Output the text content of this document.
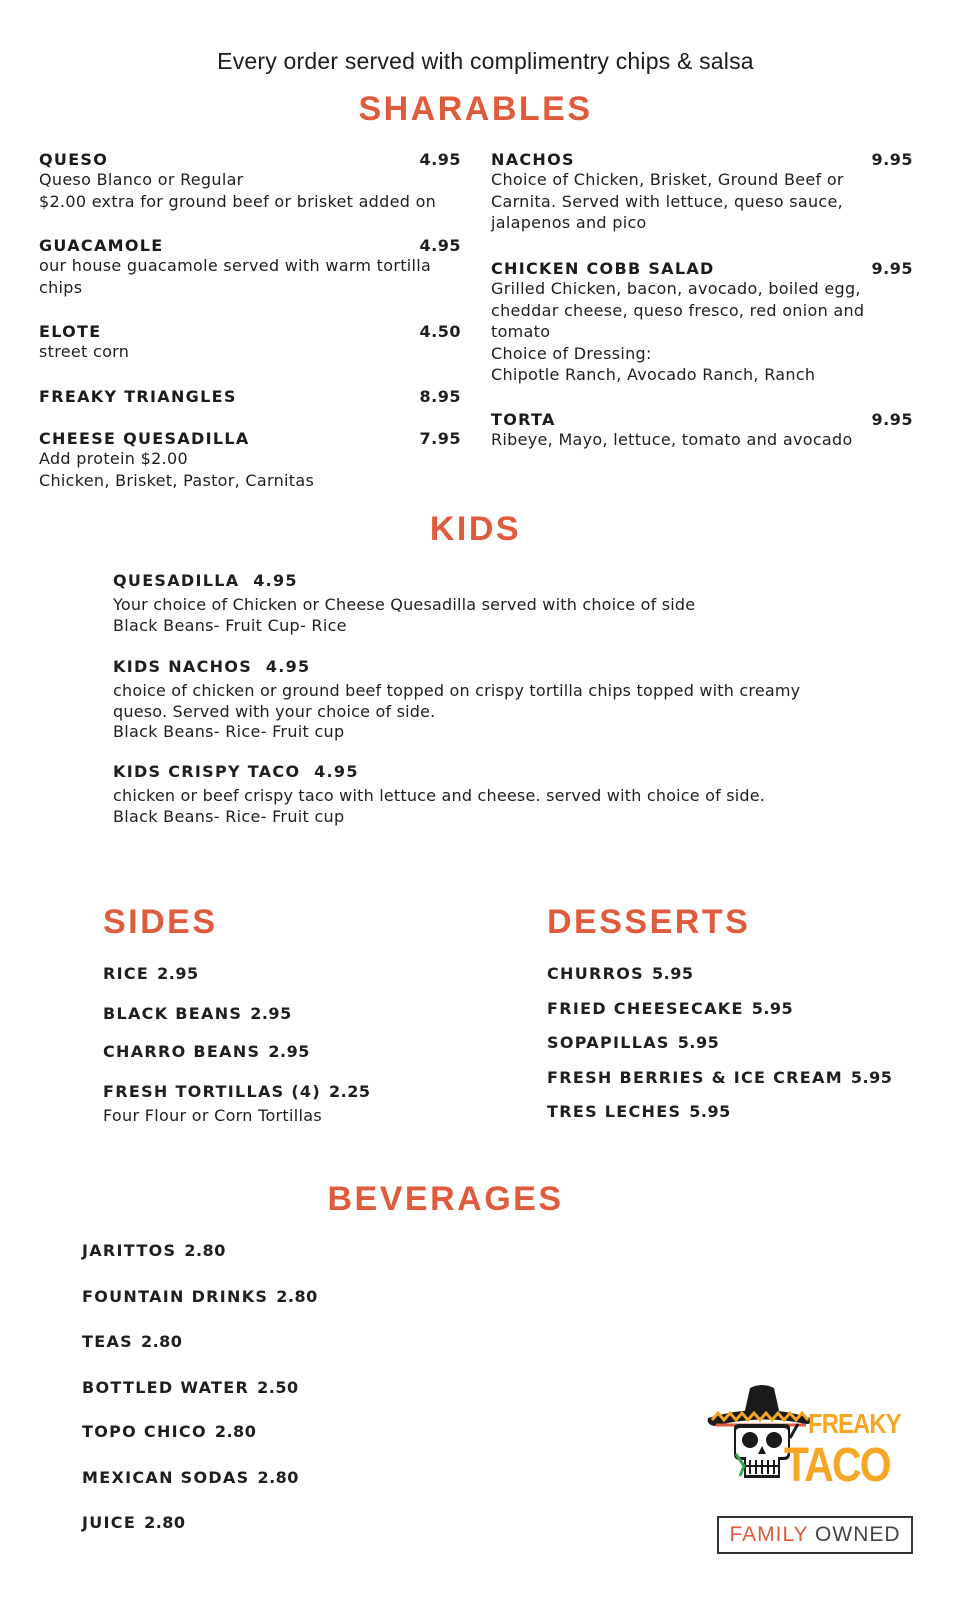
Every order served with complimentry chips & salsa
SHARABLES
QUESO	4.95
Queso Blanco or Regular
$2.00 extra for ground beef or brisket added on
GUACAMOLE	4.95
our house guacamole served with warm tortilla chips
ELOTE	4.50
street corn
FREAKY TRIANGLES	8.95
CHEESE QUESADILLA	7.95
Add protein $2.00
Chicken, Brisket, Pastor, Carnitas
NACHOS	9.95
Choice of Chicken, Brisket, Ground Beef or Carnita. Served with lettuce, queso sauce, jalapenos and pico
CHICKEN COBB SALAD	9.95
Grilled Chicken, bacon, avocado, boiled egg, cheddar cheese, queso fresco, red onion and tomato
Choice of Dressing:
Chipotle Ranch, Avocado Ranch, Ranch
TORTA	9.95
Ribeye, Mayo, lettuce, tomato and avocado
KIDS
QUESADILLA 4.95
Your choice of Chicken or Cheese Quesadilla served with choice of side
Black Beans- Fruit Cup- Rice
KIDS NACHOS 4.95
choice of chicken or ground beef topped on crispy tortilla chips topped with creamy queso. Served with your choice of side.
Black Beans- Rice- Fruit cup
KIDS CRISPY TACO 4.95
chicken or beef crispy taco with lettuce and cheese. served with choice of side.
Black Beans- Rice- Fruit cup
SIDES
RICE 2.95
BLACK BEANS 2.95
CHARRO BEANS 2.95
FRESH TORTILLAS (4) 2.25
Four Flour or Corn Tortillas
DESSERTS
CHURROS 5.95
FRIED CHEESECAKE 5.95
SOPAPILLAS 5.95
FRESH BERRIES & ICE CREAM 5.95
TRES LECHES 5.95
BEVERAGES
JARITTOS 2.80
FOUNTAIN DRINKS 2.80
TEAS 2.80
BOTTLED WATER 2.50
TOPO CHICO 2.80
MEXICAN SODAS 2.80
JUICE 2.80
FREAKY
TACO
FAMILY OWNED
